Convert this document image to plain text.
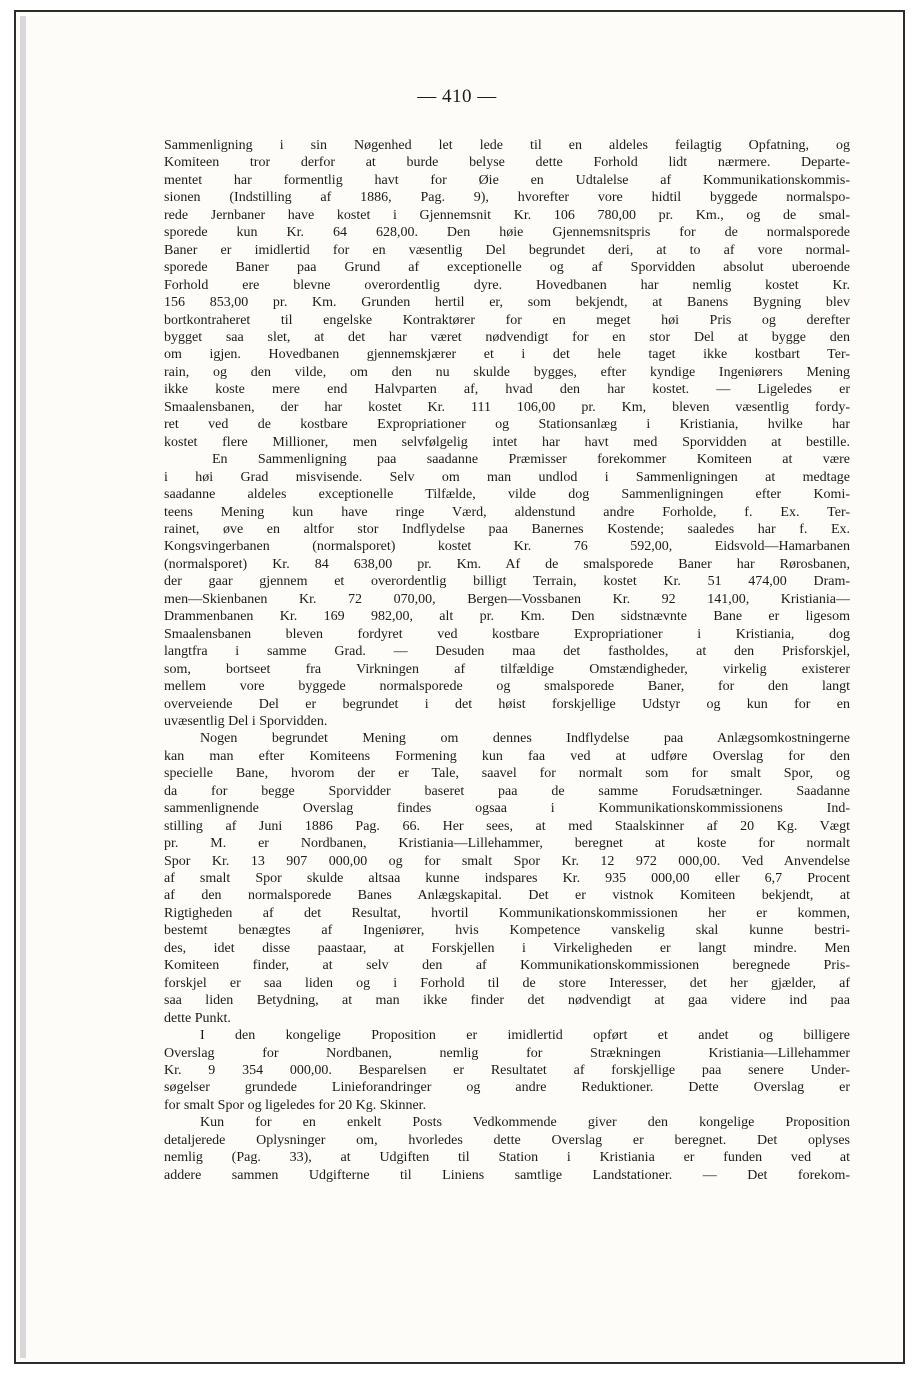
— 410 —

Sammenligning i sin Nøgenhed let lede til en aldeles feilagtig Opfatning, og

Komiteen tror derfor at burde belyse dette Forhold lidt nærmere. Departe-

mentet har formentlig havt for Øie en Udtalelse af Kommunikationskommis-

sionen (Indstilling af 1886, Pag. 9), hvorefter vore hidtil byggede normalspo-

rede Jernbaner have kostet i Gjennemsnit Kr. 106 780,00 pr. Km., og de smal-

sporede kun Kr. 64 628,00. Den høie Gjennemsnitspris for de normalsporede

Baner er imidlertid for en væsentlig Del begrundet deri, at to af vore normal-

sporede Baner paa Grund af exceptionelle og af Sporvidden absolut uberoende

Forhold ere blevne overordentlig dyre. Hovedbanen har nemlig kostet Kr.

156 853,00 pr. Km. Grunden hertil er, som bekjendt, at Banens Bygning blev

bortkontraheret til engelske Kontraktører for en meget høi Pris og derefter

bygget saa slet, at det har været nødvendigt for en stor Del at bygge den

om igjen. Hovedbanen gjennemskjærer et i det hele taget ikke kostbart Ter-

rain, og den vilde, om den nu skulde bygges, efter kyndige Ingeniørers Mening

ikke koste mere end Halvparten af, hvad den har kostet. — Ligeledes er

Smaalensbanen, der har kostet Kr. 111 106,00 pr. Km, bleven væsentlig fordy-

ret ved de kostbare Expropriationer og Stationsanlæg i Kristiania, hvilke har

kostet flere Millioner, men selvfølgelig intet har havt med Sporvidden at bestille.

En Sammenligning paa saadanne Præmisser forekommer Komiteen at være

i høi Grad misvisende. Selv om man undlod i Sammenligningen at medtage

saadanne aldeles exceptionelle Tilfælde, vilde dog Sammenligningen efter Komi-

teens Mening kun have ringe Værd, aldenstund andre Forholde, f. Ex. Ter-

rainet, øve en altfor stor Indflydelse paa Banernes Kostende; saaledes har f. Ex.

Kongsvingerbanen (normalsporet) kostet Kr. 76 592,00, Eidsvold—Hamarbanen

(normalsporet) Kr. 84 638,00 pr. Km. Af de smalsporede Baner har Rørosbanen,

der gaar gjennem et overordentlig billigt Terrain, kostet Kr. 51 474,00 Dram-

men—Skienbanen Kr. 72 070,00, Bergen—Vossbanen Kr. 92 141,00, Kristiania—

Drammenbanen Kr. 169 982,00, alt pr. Km. Den sidstnævnte Bane er ligesom

Smaalensbanen bleven fordyret ved kostbare Expropriationer i Kristiania, dog

langtfra i samme Grad. — Desuden maa det fastholdes, at den Prisforskjel,

som, bortseet fra Virkningen af tilfældige Omstændigheder, virkelig existerer

mellem vore byggede normalsporede og smalsporede Baner, for den langt

overveiende Del er begrundet i det høist forskjellige Udstyr og kun for en

uvæsentlig Del i Sporvidden.

Nogen begrundet Mening om dennes Indflydelse paa Anlægsomkostningerne

kan man efter Komiteens Formening kun faa ved at udføre Overslag for den

specielle Bane, hvorom der er Tale, saavel for normalt som for smalt Spor, og

da for begge Sporvidder baseret paa de samme Forudsætninger. Saadanne

sammenlignende Overslag findes ogsaa i Kommunikationskommissionens Ind-

stilling af Juni 1886 Pag. 66. Her sees, at med Staalskinner af 20 Kg. Vægt

pr. M. er Nordbanen, Kristiania—Lillehammer, beregnet at koste for normalt

Spor Kr. 13 907 000,00 og for smalt Spor Kr. 12 972 000,00. Ved Anvendelse

af smalt Spor skulde altsaa kunne indspares Kr. 935 000,00 eller 6,7 Procent

af den normalsporede Banes Anlægskapital. Det er vistnok Komiteen bekjendt, at

Rigtigheden af det Resultat, hvortil Kommunikationskommissionen her er kommen,

bestemt benægtes af Ingeniører, hvis Kompetence vanskelig skal kunne bestri-

des, idet disse paastaar, at Forskjellen i Virkeligheden er langt mindre. Men

Komiteen finder, at selv den af Kommunikationskommissionen beregnede Pris-

forskjel er saa liden og i Forhold til de store Interesser, det her gjælder, af

saa liden Betydning, at man ikke finder det nødvendigt at gaa videre ind paa

dette Punkt.

I den kongelige Proposition er imidlertid opført et andet og billigere

Overslag for Nordbanen, nemlig for Strækningen Kristiania—Lillehammer

Kr. 9 354 000,00. Besparelsen er Resultatet af forskjellige paa senere Under-

søgelser grundede Linieforandringer og andre Reduktioner. Dette Overslag er

for smalt Spor og ligeledes for 20 Kg. Skinner.

Kun for en enkelt Posts Vedkommende giver den kongelige Proposition

detaljerede Oplysninger om, hvorledes dette Overslag er beregnet. Det oplyses

nemlig (Pag. 33), at Udgiften til Station i Kristiania er funden ved at

addere sammen Udgifterne til Liniens samtlige Landstationer. — Det forekom-
